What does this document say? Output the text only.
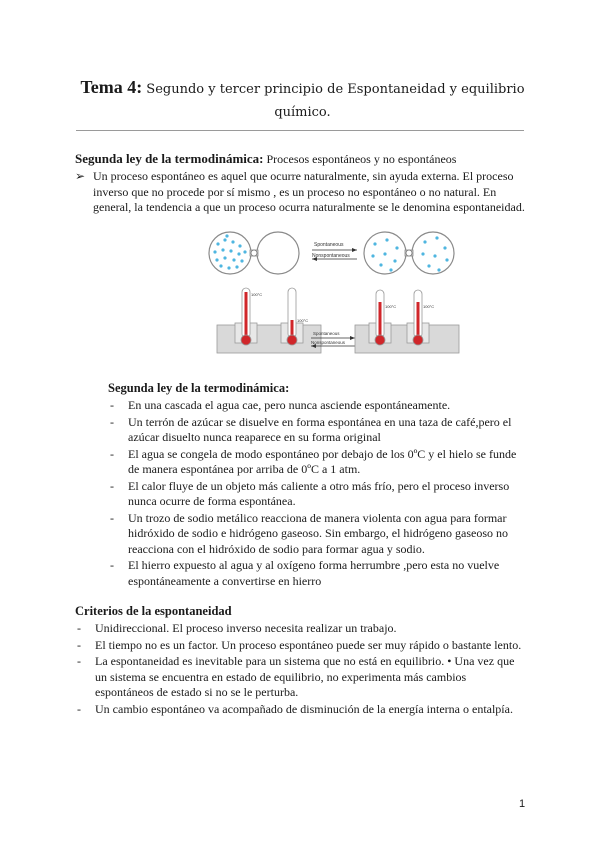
Tema 4: Segundo y tercer principio de Espontaneidad y equilibrio químico.
Segunda ley de la termodinámica: Procesos espontáneos y no espontáneos
➢ Un proceso espontáneo es aquel que ocurre naturalmente, sin ayuda externa. El proceso inverso que no procede por sí mismo , es un proceso no espontáneo o no natural. En general, la tendencia a que un proceso ocurra naturalmente se le denomina espontaneidad.
Spontaneous
Nonspontaneous
100°C
100°C
Spontaneous
Nonspontaneous
100°C	100°C
Segunda ley de la termodinámica:
- En una cascada el agua cae, pero nunca asciende espontáneamente.
- Un terrón de azúcar se disuelve en forma espontánea en una taza de café,pero el azúcar disuelto nunca reaparece en su forma original
- El agua se congela de modo espontáneo por debajo de los 0ºC y el hielo se funde de manera espontánea por arriba de 0ºC a 1 atm.
- El calor fluye de un objeto más caliente a otro más frío, pero el proceso inverso nunca ocurre de forma espontánea.
- Un trozo de sodio metálico reacciona de manera violenta con agua para formar hidróxido de sodio e hidrógeno gaseoso. Sin embargo, el hidrógeno gaseoso no reacciona con el hidróxido de sodio para formar agua y sodio.
- El hierro expuesto al agua y al oxígeno forma herrumbre ,pero esta no vuelve espontáneamente a convertirse en hierro
Criterios de la espontaneidad
- Unidireccional. El proceso inverso necesita realizar un trabajo.
- El tiempo no es un factor. Un proceso espontáneo puede ser muy rápido o bastante lento.
- La espontaneidad es inevitable para un sistema que no está en equilibrio. • Una vez que un sistema se encuentra en estado de equilibrio, no experimenta más cambios espontáneos de estado si no se le perturba.
- Un cambio espontáneo va acompañado de disminución de la energía interna o entalpía.
1
